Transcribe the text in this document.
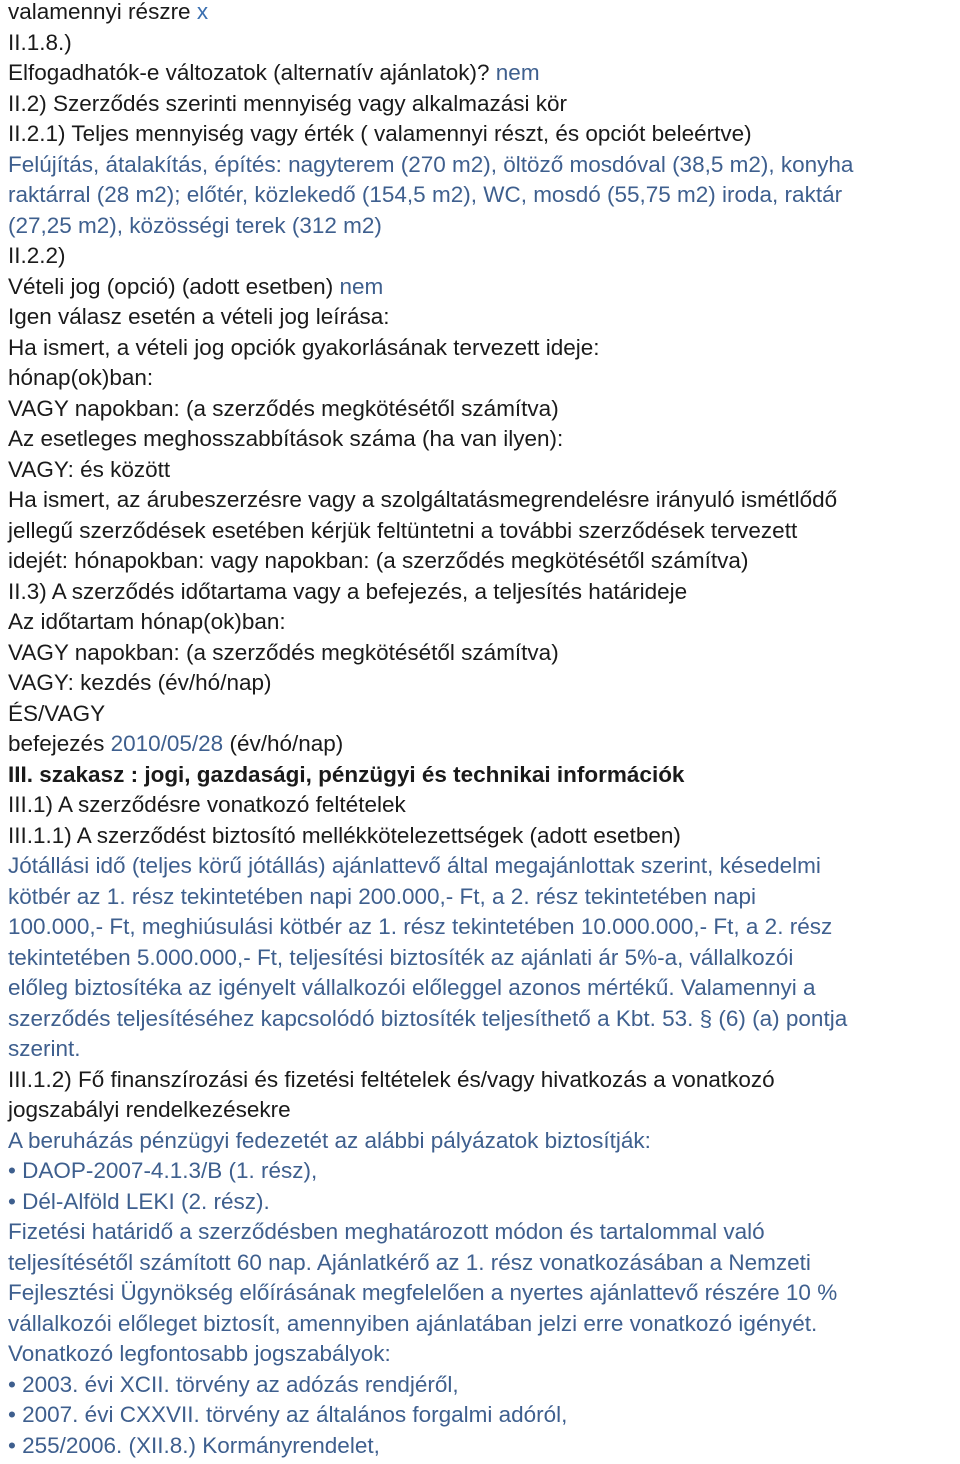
valamennyi részre x

II.1.8.)

Elfogadhatók-e változatok (alternatív ajánlatok)? nem

II.2) Szerződés szerinti mennyiség vagy alkalmazási kör

II.2.1) Teljes mennyiség vagy érték ( valamennyi részt, és opciót beleértve)

Felújítás, átalakítás, építés: nagyterem (270 m2), öltöző mosdóval (38,5 m2), konyha

raktárral (28 m2); előtér, közlekedő (154,5 m2), WC, mosdó (55,75 m2) iroda, raktár

(27,25 m2), közösségi terek (312 m2)

II.2.2)

Vételi jog (opció) (adott esetben) nem

Igen válasz esetén a vételi jog leírása:

Ha ismert, a vételi jog opciók gyakorlásának tervezett ideje:

hónap(ok)ban:

VAGY napokban: (a szerződés megkötésétől számítva)

Az esetleges meghosszabbítások száma (ha van ilyen):

VAGY: és között

Ha ismert, az árubeszerzésre vagy a szolgáltatásmegrendelésre irányuló ismétlődő

jellegű szerződések esetében kérjük feltüntetni a további szerződések tervezett

idejét: hónapokban: vagy napokban: (a szerződés megkötésétől számítva)

II.3) A szerződés időtartama vagy a befejezés, a teljesítés határideje

Az időtartam hónap(ok)ban:

VAGY napokban: (a szerződés megkötésétől számítva)

VAGY: kezdés (év/hó/nap)

ÉS/VAGY

befejezés 2010/05/28 (év/hó/nap)

III. szakasz : jogi, gazdasági, pénzügyi és technikai információk

III.1) A szerződésre vonatkozó feltételek

III.1.1) A szerződést biztosító mellékkötelezettségek (adott esetben)

Jótállási idő (teljes körű jótállás) ajánlattevő által megajánlottak szerint, késedelmi

kötbér az 1. rész tekintetében napi 200.000,- Ft, a 2. rész tekintetében napi

100.000,- Ft, meghiúsulási kötbér az 1. rész tekintetében 10.000.000,- Ft, a 2. rész

tekintetében 5.000.000,- Ft, teljesítési biztosíték az ajánlati ár 5%-a, vállalkozói

előleg biztosítéka az igényelt vállalkozói előleggel azonos mértékű. Valamennyi a

szerződés teljesítéséhez kapcsolódó biztosíték teljesíthető a Kbt. 53. § (6) (a) pontja

szerint.

III.1.2) Fő finanszírozási és fizetési feltételek és/vagy hivatkozás a vonatkozó

jogszabályi rendelkezésekre

A beruházás pénzügyi fedezetét az alábbi pályázatok biztosítják:

• DAOP-2007-4.1.3/B (1. rész),

• Dél-Alföld LEKI (2. rész).

Fizetési határidő a szerződésben meghatározott módon és tartalommal való

teljesítésétől számított 60 nap. Ajánlatkérő az 1. rész vonatkozásában a Nemzeti

Fejlesztési Ügynökség előírásának megfelelően a nyertes ajánlattevő részére 10 %

vállalkozói előleget biztosít, amennyiben ajánlatában jelzi erre vonatkozó igényét.

Vonatkozó legfontosabb jogszabályok:

• 2003. évi XCII. törvény az adózás rendjéről,

• 2007. évi CXXVII. törvény az általános forgalmi adóról,

• 255/2006. (XII.8.) Kormányrendelet,
